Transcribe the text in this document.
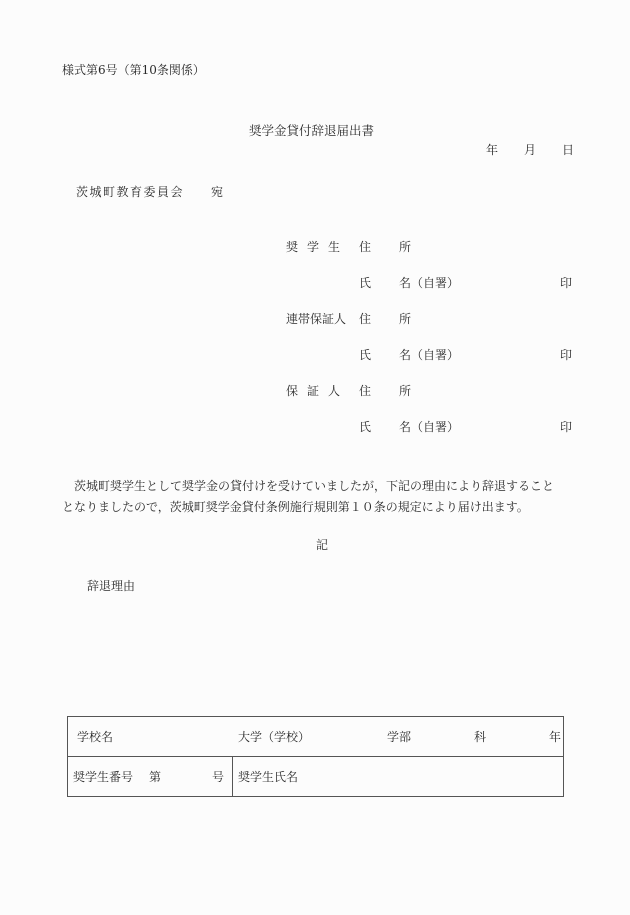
様式第6号（第10条関係）
奨学金貸付辞退届出書
年 月 日
茨城町教育委員会 宛
奨学生 住 所
氏 名（自署）	印
連帯保証人 住 所
氏 名（自署）	印
保証人 住 所
氏 名（自署）	印

茨城町奨学生として奨学金の貸付けを受けていましたが，下記の理由により辞退すること

となりましたので，茨城町奨学金貸付条例施行規則第１０条の規定により届け出ます。

記
辞退理由
学校名	大学（学校）	学部	科	年

奨学生番号 第	号	奨学生氏名
